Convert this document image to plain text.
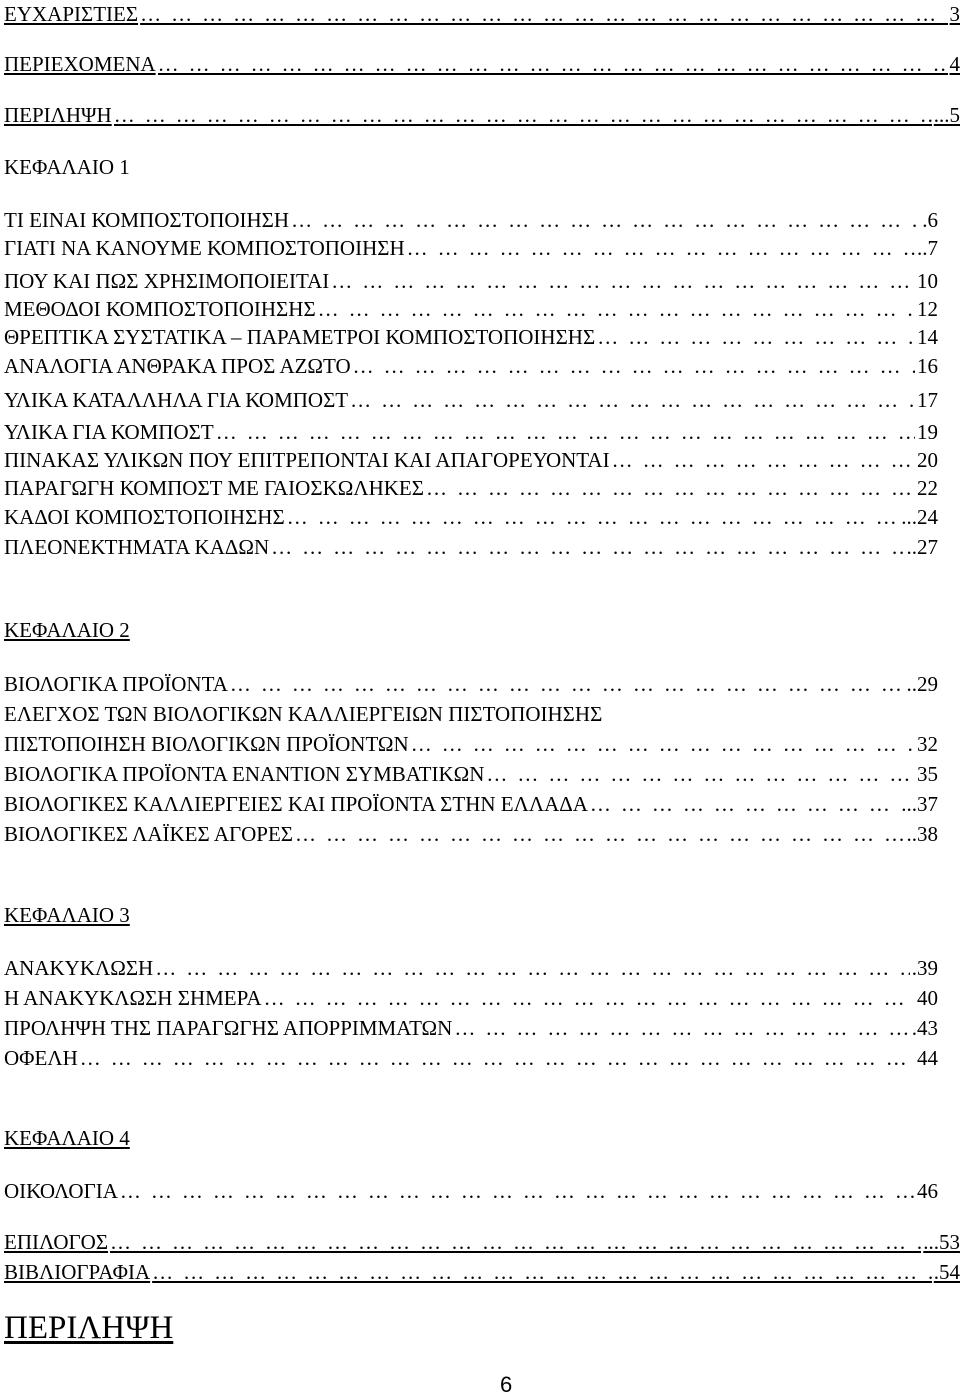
ΕΥΧΑΡΙΣΤΙΕΣ …………………………………………………………………………………………………………………………………………………………	3
ΠΕΡΙΕΧΟΜΕΝΑ …………………………………………………………………………………………………………………………………………………………	4
ΠΕΡΙΛΗΨΗ …………………………………………………………………………………………………………………………………………………………	...5
ΚΕΦΑΛΑΙΟ 1
ΤΙ ΕΙΝΑΙ ΚΟΜΠΟΣΤΟΠΟΙΗΣΗ …………………………………………………………………………………………………………………………………………………………	.6
ΓΙΑΤΙ ΝΑ ΚΑΝΟΥΜΕ ΚΟΜΠΟΣΤΟΠΟΙΗΣΗ …………………………………………………………………………………………………………………………………………………………	..7
ΠΟΥ ΚΑΙ ΠΩΣ ΧΡΗΣΙΜΟΠΟΙΕΙΤΑΙ …………………………………………………………………………………………………………………………………………………………	10
ΜΕΘΟΔΟΙ ΚΟΜΠΟΣΤΟΠΟΙΗΣΗΣ …………………………………………………………………………………………………………………………………………………………	12
ΘΡΕΠΤΙΚΑ ΣΥΣΤΑΤΙΚΑ – ΠΑΡΑΜΕΤΡΟΙ ΚΟΜΠΟΣΤΟΠΟΙΗΣΗΣ …………………………………………………………………………………………………………………………………………………………	14
ΑΝΑΛΟΓΙΑ ΑΝΘΡΑΚΑ ΠΡΟΣ ΑΖΩΤΟ …………………………………………………………………………………………………………………………………………………………	16
ΥΛΙΚΑ ΚΑΤΑΛΛΗΛΑ ΓΙΑ ΚΟΜΠΟΣΤ …………………………………………………………………………………………………………………………………………………………	17
ΥΛΙΚΑ ΓΙΑ ΚΟΜΠΟΣΤ …………………………………………………………………………………………………………………………………………………………	19
ΠΙΝΑΚΑΣ ΥΛΙΚΩΝ ΠΟΥ ΕΠΙΤΡΕΠΟΝΤΑΙ ΚΑΙ ΑΠΑΓΟΡΕΥΟΝΤΑΙ …………………………………………………………………………………………………………………………………………………………	20
ΠΑΡΑΓΩΓΗ ΚΟΜΠΟΣΤ ΜΕ ΓΑΙΟΣΚΩΛΗΚΕΣ …………………………………………………………………………………………………………………………………………………………	22
ΚΑΔΟΙ ΚΟΜΠΟΣΤΟΠΟΙΗΣΗΣ …………………………………………………………………………………………………………………………………………………………	...24
ΠΛΕΟΝΕΚΤΗΜΑΤΑ ΚΑΔΩΝ …………………………………………………………………………………………………………………………………………………………	..27
ΚΕΦΑΛΑΙΟ 2
ΒΙΟΛΟΓΙΚΑ ΠΡΟΪΟΝΤΑ …………………………………………………………………………………………………………………………………………………………	..29
ΕΛΕΓΧΟΣ ΤΩΝ ΒΙΟΛΟΓΙΚΩΝ ΚΑΛΛΙΕΡΓΕΙΩΝ ΠΙΣΤΟΠΟΙΗΣΗΣ
ΠΙΣΤΟΠΟΙΗΣΗ ΒΙΟΛΟΓΙΚΩΝ ΠΡΟΪΟΝΤΩΝ …………………………………………………………………………………………………………………………………………………………	32
ΒΙΟΛΟΓΙΚΑ ΠΡΟΪΟΝΤΑ ΕΝΑΝΤΙΟΝ ΣΥΜΒΑΤΙΚΩΝ …………………………………………………………………………………………………………………………………………………………	35
ΒΙΟΛΟΓΙΚΕΣ ΚΑΛΛΙΕΡΓΕΙΕΣ ΚΑΙ ΠΡΟΪΟΝΤΑ ΣΤΗΝ ΕΛΛΑΔΑ …………………………………………………………………………………………………………………………………………………………	...37
ΒΙΟΛΟΓΙΚΕΣ ΛΑΪΚΕΣ ΑΓΟΡΕΣ …………………………………………………………………………………………………………………………………………………………	..38
ΚΕΦΑΛΑΙΟ 3
ΑΝΑΚΥΚΛΩΣΗ …………………………………………………………………………………………………………………………………………………………	.39
Η ΑΝΑΚΥΚΛΩΣΗ ΣΗΜΕΡΑ …………………………………………………………………………………………………………………………………………………………	40
ΠΡΟΛΗΨΗ ΤΗΣ ΠΑΡΑΓΩΓΗΣ ΑΠΟΡΡΙΜΜΑΤΩΝ …………………………………………………………………………………………………………………………………………………………	.43
ΟΦΕΛΗ …………………………………………………………………………………………………………………………………………………………	44
ΚΕΦΑΛΑΙΟ 4
ΟΙΚΟΛΟΓΙΑ …………………………………………………………………………………………………………………………………………………………	46
ΕΠΙΛΟΓΟΣ …………………………………………………………………………………………………………………………………………………………	...53
ΒΙΒΛΙΟΓΡΑΦΙΑ …………………………………………………………………………………………………………………………………………………………	.54
ΠΕΡΙΛΗΨΗ
6
